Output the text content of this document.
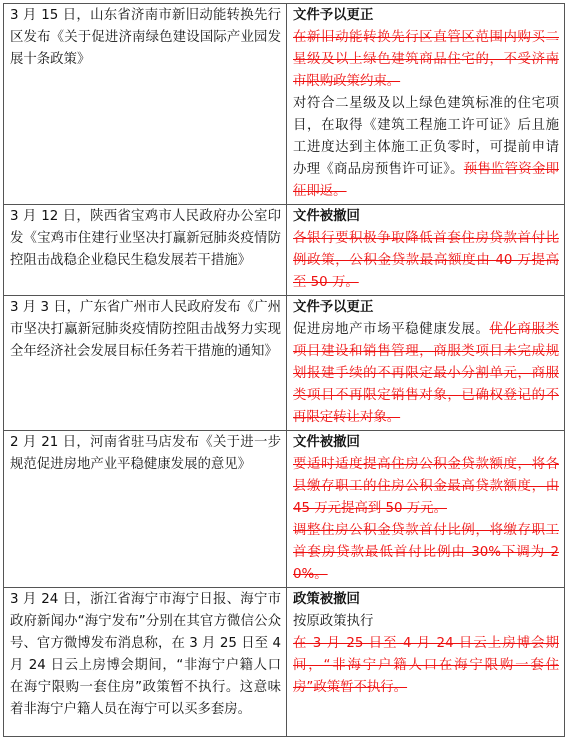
3 月 15 日，山东省济南市新旧动能转换先行区发布《关于促进济南绿色建设国际产业园发展十条政策》	文件予以更正

在新旧动能转换先行区直管区范围内购买二星级及以上绿色建筑商品住宅的，不受济南市限购政策约束。

对符合二星级及以上绿色建筑标准的住宅项目，在取得《建筑工程施工许可证》后且施工进度达到主体施工正负零时，可提前申请办理《商品房预售许可证》。预售监管资金即征即返。

3 月 12 日，陕西省宝鸡市人民政府办公室印发《宝鸡市住建行业坚决打赢新冠肺炎疫情防控阻击战稳企业稳民生稳发展若干措施》	文件被撤回

各银行要积极争取降低首套住房贷款首付比例政策，公积金贷款最高额度由 40 万提高至 50 万。

3 月 3 日，广东省广州市人民政府发布《广州市坚决打赢新冠肺炎疫情防控阻击战努力实现全年经济社会发展目标任务若干措施的通知》	文件予以更正

促进房地产市场平稳健康发展。优化商服类项目建设和销售管理，商服类项目未完成规划报建手续的不再限定最小分割单元，商服类项目不再限定销售对象，已确权登记的不再限定转让对象。

2 月 21 日，河南省驻马店发布《关于进一步规范促进房地产业平稳健康发展的意见》	文件被撤回

要适时适度提高住房公积金贷款额度，将各县缴存职工的住房公积金最高贷款额度，由 45 万元提高到 50 万元。

调整住房公积金贷款首付比例，将缴存职工首套房贷款最低首付比例由 30%下调为 20%。

3 月 24 日，浙江省海宁市海宁日报、海宁市政府新闻办“海宁发布”分别在其官方微信公众号、官方微博发布消息称，在 3 月 25 日至 4 月 24 日云上房博会期间，“非海宁户籍人口在海宁限购一套住房”政策暂不执行。这意味着非海宁户籍人员在海宁可以买多套房。	政策被撤回

按原政策执行

在 3 月 25 日至 4 月 24 日云上房博会期间，“非海宁户籍人口在海宁限购一套住房”政策暂不执行。
